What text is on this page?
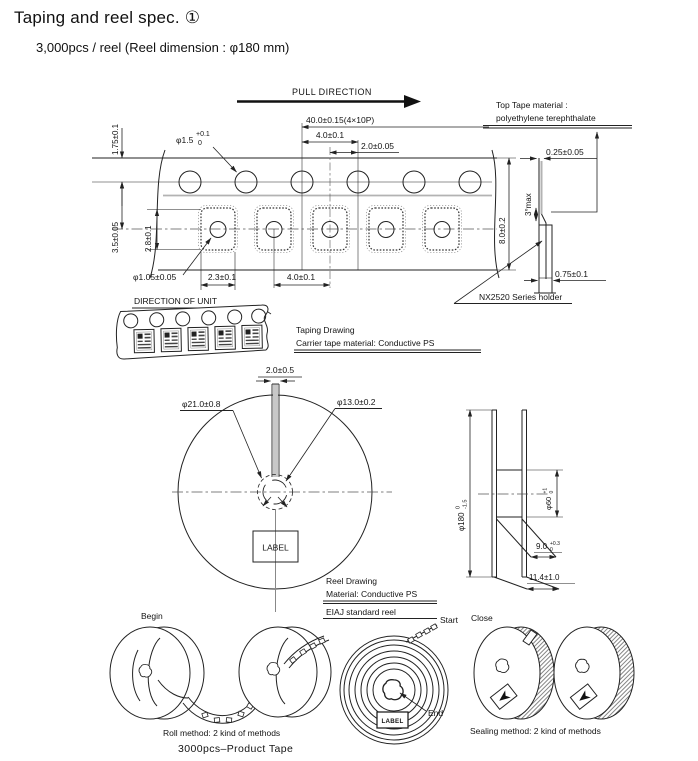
Taping and reel spec. ①
3,000pcs / reel (Reel dimension : φ180 mm)
PULL DIRECTION
40.0±0.15(4×10P)
4.0±0.1
2.0±0.05
1.75±0.1
3.5±0.05	2.8±0.1
φ1.5
+0.1
0
φ1.05±0.05	2.3±0.1	4.0±0.1
DIRECTION OF UNIT
Top Tape material :
polyethylene terephthalate
0.25±0.05
3°max
8.0±0.2
0.75±0.1
NX2520 Series holder
Taping Drawing
Carrier tape material: Conductive PS
LABEL
2.0±0.5
φ21.0±0.8	φ13.0±0.2
φ180
0 -1.5	φ60
+1 0
9.0 +0.3
0
11.4±1.0
Reel Drawing
Material: Conductive PS
EIAJ standard reel
Begin
Roll method: 2 kind of methods
3000pcs–Product Tape
Start
LABEL
End
Close
Sealing method: 2 kind of methods
